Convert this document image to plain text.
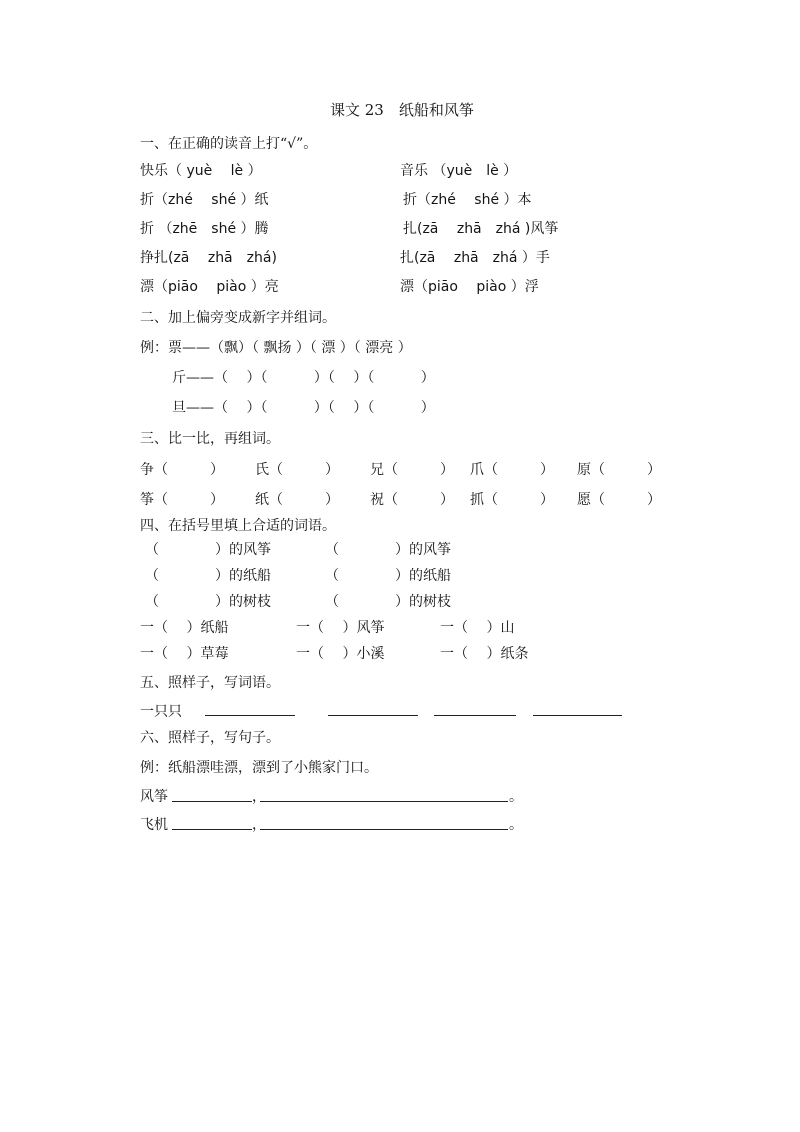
课文 23　纸船和风筝
一、在正确的读音上打“√”。
快乐（ yuè　 lè ）	音乐 （yuè　lè ）
折（zhé　 shé ）纸	折（zhé　 shé ）本
折 （zhē　shé ）腾	扎(zā　 zhā　zhá )风筝
挣扎(zā　 zhā　zhá)	扎(zā　 zhā　zhá ）手
漂（piāo　 piào ）亮	漂（piāo　 piào ）浮
二、加上偏旁变成新字并组词。
例：票——（飘）（ 飘扬 ）（ 漂 ）（ 漂亮 ）
斤——（　 ）（　　　 ）（　 ）（　　　 ）
旦——（　 ）（　　　 ）（　 ）（　　　 ）
三、比一比，再组词。
争（　　　） 氏（　　　） 兄（　　　） 爪（　　　） 原（　　　）
筝（　　　） 纸（　　　） 祝（　　　） 抓（　　　） 愿（　　　）
四、在括号里填上合适的词语。
（　　　　）的风筝	（　　　　）的风筝
（　　　　）的纸船	（　　　　）的纸船
（　　　　）的树枝	（　　　　）的树枝
一（　 ）纸船	一（　 ）风筝	一（　 ）山
一（　 ）草莓	一（　 ）小溪	一（　 ）纸条
五、照样子，写词语。
一只只
六、照样子，写句子。
例：纸船漂哇漂，漂到了小熊家门口。
风筝	，	。
飞机	，	。
